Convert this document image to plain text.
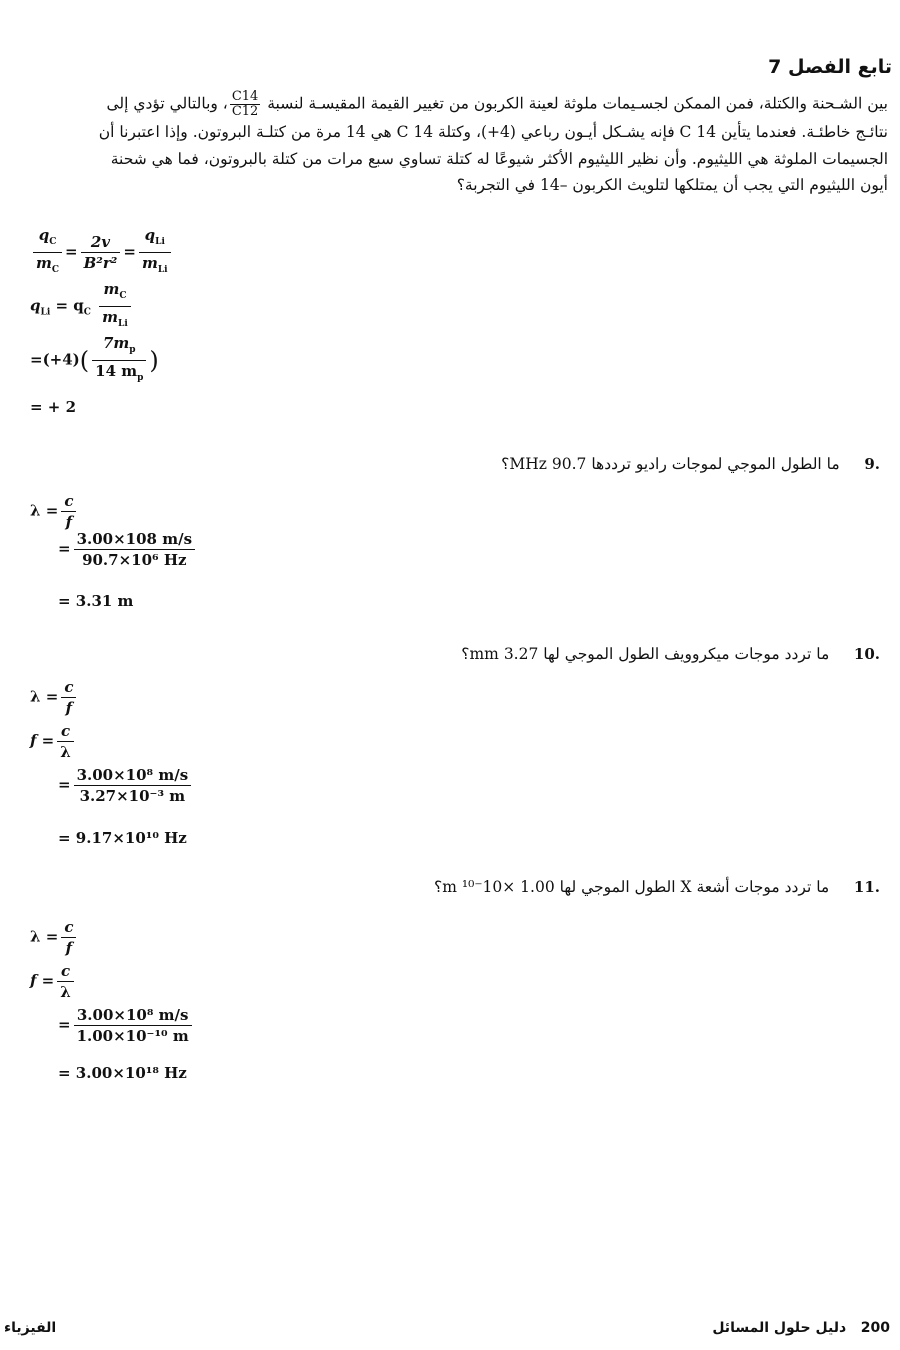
تابع الفصل 7
بين الشـحنة والكتلة، فمن الممكن لجسـيمات ملوثة لعينة الكربون من تغيير القيمة المقيسـة لنسبة
$\frac{C14}{C12}$
، وبالتالي تؤدي إلى
نتائـج خاطئـة. فعندما يتأين C 14 فإنه يشـكل أيـون رباعي (4+)، وكتلة C 14 هي 14 مرة من كتلـة البروتون. وإذا اعتبرنا أن
الجسيمات الملوثة هي الليثيوم. وأن نظير الليثيوم الأكثر شيوعًا له كتلة تساوي سبع مرات من كتلة بالبروتون، فما هي شحنة
أيون الليثيوم التي يجب أن يمتلكها لتلويث الكربون –14 في التجربة؟
$\frac{q_C}{m_C} = \frac{2v}{\text{B²r²}} = \frac{q_{Li}}{m_{Li}}$
$q_{Li} = q_C \frac{m_C}{m_{Li}}$
$=(+4)( \frac{7m_p}{14 m_p}$ )
= + 2
.9     ما الطول الموجي لموجات راديو ترددها 90.7 MHz؟
$\lambda = \frac{c}{f}$
= $\frac{3.00\times 108 m/s}{\text{90.7×10⁶ Hz}}$
= 3.31 m
.10     ما تردد موجات ميكروويف الطول الموجي لها 3.27 mm؟
$\lambda = \frac{c}{f}$
$f = \frac{c}{\lambda}$
= $\frac{\text{3.00×10⁸ m/s}}{\text{3.27×10⁻³ m}}$
= 9.17×10¹⁰ Hz
.11     ما تردد موجات أشعة X الطول الموجي لها 1.00 ×10⁻¹⁰ m؟
$\lambda = \frac{c}{f}$
$f = \frac{c}{\lambda}$
= $\frac{\text{3.00×10⁸ m/s}}{\text{1.00×10⁻¹⁰ m}}$
= 3.00×10¹⁸ Hz
200   دليل حلول المسائل
الفيزياء
